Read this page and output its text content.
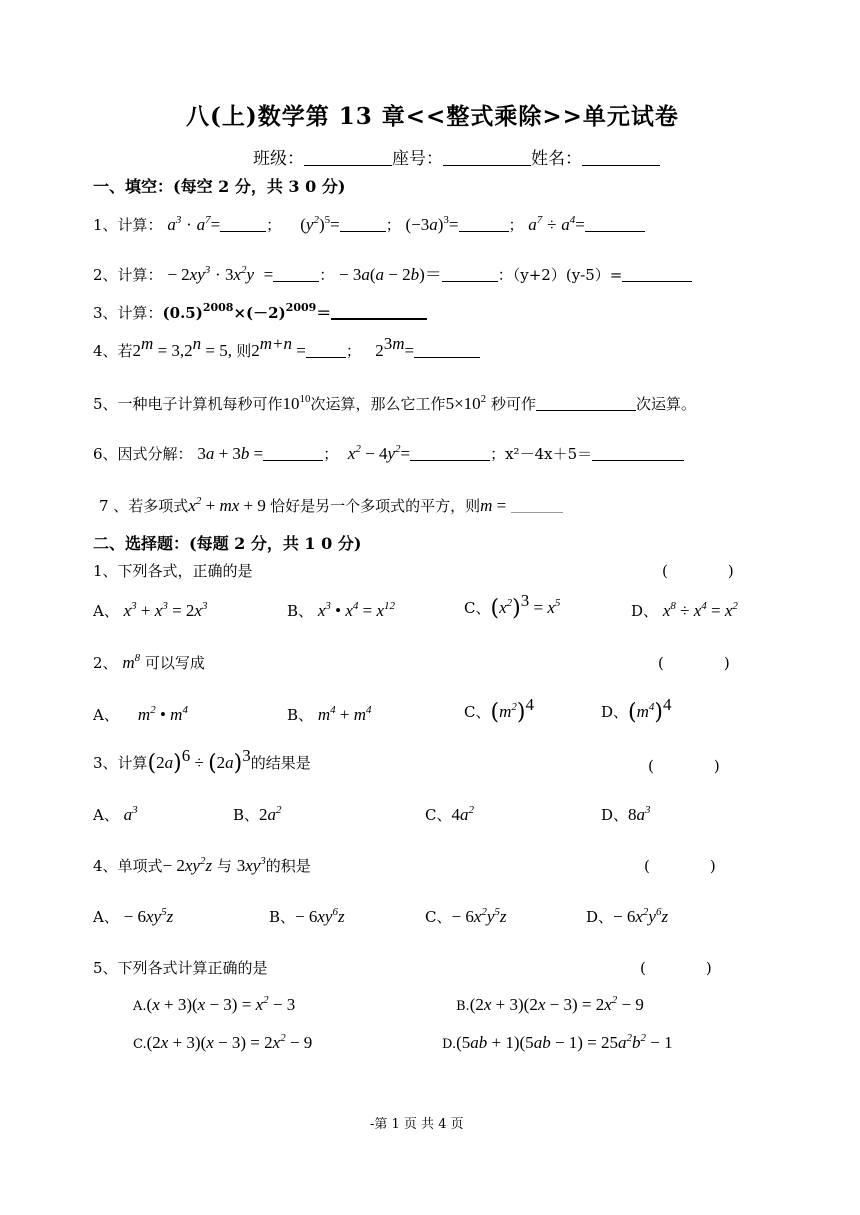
八(上)数学第 13 章<<整式乘除>>单元试卷
班级：	座号：	姓名：
一、填空：(每空 2 分，共 3 0 分)
1、计算： $a^3 \cdot a^7=$	；    $(y^2)^5=$	； $(-3a)^3=$	； $a^7 \div a^4=$
2、计算： − $2xy^3 \cdot 3x^2y$ =	： − 3a(a − 2b)＝	：（y+2）(y-5）=
3、计算：$(0.5)^{2008}\times(-2)^{2009}=$
4、若$2^m = 3,2^n = 5$, 则$2^{m+n}$ =	；   $2^{3m}=$
5、一种电子计算机每秒可作$10^{10}$次运算，那么它工作$5\times 10^2$ 秒可作	次运算。
6、因式分解： 3a + 3b =	；  $x^2 - 4y^2=$	；x²－4x＋5＝
7 、若多项式$x^2$ + mx + 9 恰好是另一个多项式的平方，则m =
二、选择题：(每题 2 分，共 1 0 分)
1、下列各式，正确的是	(　　　　)
A、 $x^3 + x^3 = 2x^3$	B、 $x^3$ • $x^4 = x^{12}$	C、$(x^2)^3 = x^5$	D、 $x^8 \div x^4 = x^2$
2、 $m^8$ 可以写成	(　　　　)
A、 $m^2$ • $m^4$	B、 $m^4 + m^4$	C、$(m^2)^4$	D、$(m^4)^4$
3、计算$(2a)^6 \div (2a)^3$的结果是	(　　　　)
A、 $a^3$	B、$2a^2$	C、$4a^2$	D、$8a^3$
4、单项式− $2xy^2z$ 与 $3xy^3$的积是	(　　　　)
A、 − $6xy^5z$	B、− $6xy^6z$	C、− $6x^2y^5z$	D、− $6x^2y^6z$
5、下列各式计算正确的是	(　　　　)
$A.(x + 3)(x - 3) = x^2 - 3$	$B.(2x + 3)(2x - 3) = 2x^2 - 9$
$C.(2x + 3)(x - 3) = 2x^2 - 9$	$D.(5ab + 1)(5ab - 1) = 25a^2b^2 - 1$
-第 1 页 共 4 页
